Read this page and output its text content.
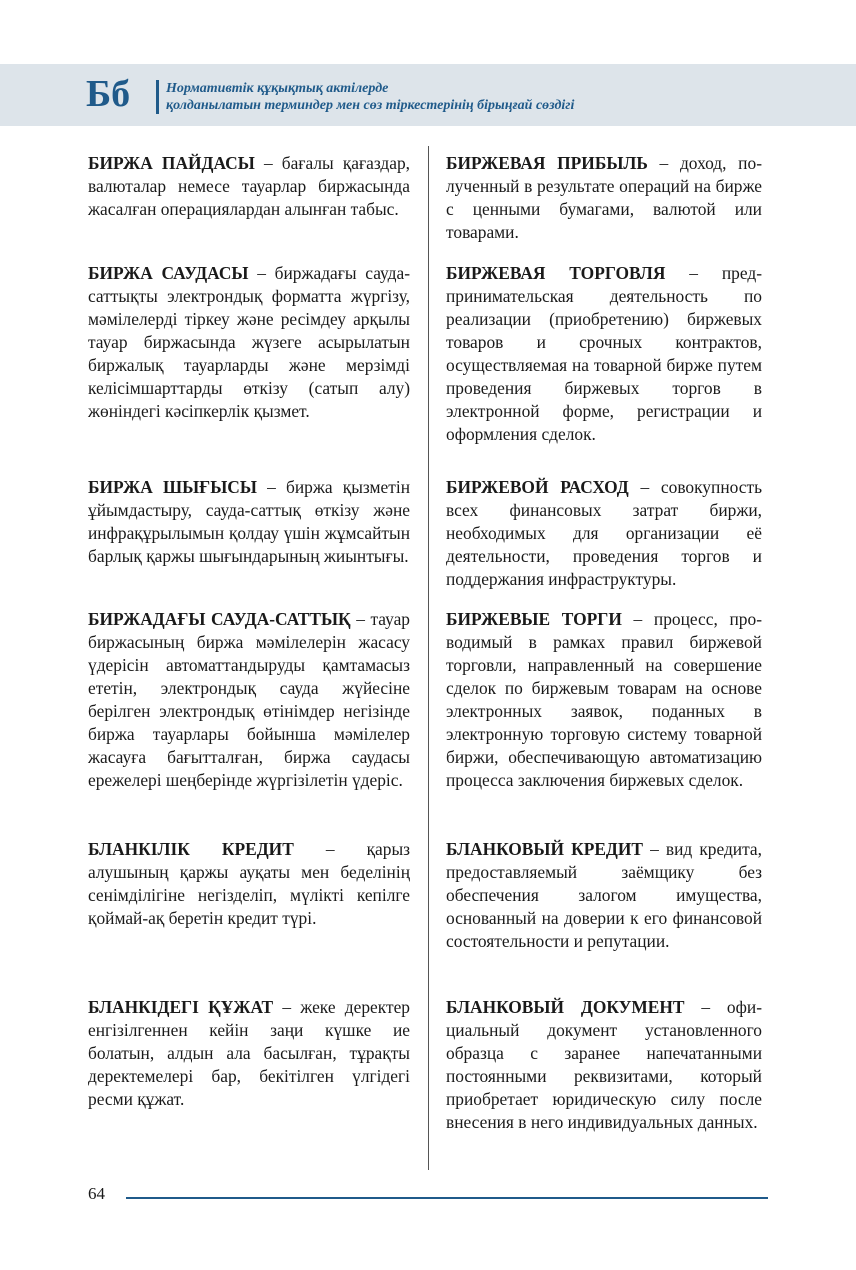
Бб	Нормативтік құқықтық актілерде
қолданылатын терминдер мен сөз тіркестерінің бірыңғай сөздігі
БИРЖА ПАЙДАСЫ – бағалы қағаздар, валюталар немесе тауарлар биржасында жасалған операциялардан алынған табыс.
БИРЖА САУДАСЫ – биржадағы сауда-саттықты электрондық форматта жүргізу, мәмілелерді тіркеу және ресімдеу арқылы тауар биржасында жүзеге асырылатын биржалық тауарларды және мерзімді келісімшарттарды өткізу (сатып алу) жөніндегі кәсіпкерлік қызмет.
БИРЖА ШЫҒЫСЫ – биржа қызметін ұйымдастыру, сауда-саттық өткізу және инфрақұрылымын қолдау үшін жұмсайтын барлық қаржы шығындарының жиынтығы.
БИРЖАДАҒЫ САУДА-САТТЫҚ – тауар биржасының биржа мәмілелерін жасасу үдерісін автоматтандыруды қамтамасыз ететін, электрондық сауда жүйесіне берілген электрондық өтінімдер негізінде биржа тауарлары бойынша мәмілелер жасауға бағытталған, биржа саудасы ережелері шеңберінде жүргізілетін үдеріс.
БЛАНКІЛІК КРЕДИТ – қарыз алушының қаржы ауқаты мен беделінің сенімділігіне негізделіп, мүлікті кепілге қоймай-ақ беретін кредит түрі.
БЛАНКІДЕГІ ҚҰЖАТ – жеке деректер енгізілгеннен кейін заңи күшке ие болатын, алдын ала басылған, тұрақты деректемелері бар, бекітілген үлгідегі ресми құжат.
БИРЖЕВАЯ ПРИБЫЛЬ – доход, полученный в результате операций на бирже с ценными бумагами, валютой или товарами.
БИРЖЕВАЯ ТОРГОВЛЯ – предпринимательская деятельность по реализации (приобретению) биржевых товаров и срочных контрактов, осуществляемая на товарной бирже путем проведения биржевых торгов в электронной форме, регистрации и оформления сделок.
БИРЖЕВОЙ РАСХОД – совокупность всех финансовых затрат биржи, необходимых для организации её деятельности, проведения торгов и поддержания инфраструктуры.
БИРЖЕВЫЕ ТОРГИ – процесс, проводимый в рамках правил биржевой торговли, направленный на совершение сделок по биржевым товарам на основе электронных заявок, поданных в электронную торговую систему товарной биржи, обеспечивающую автоматизацию процесса заключения биржевых сделок.
БЛАНКОВЫЙ КРЕДИТ – вид кредита, предоставляемый заёмщику без обеспечения залогом имущества, основанный на доверии к его финансовой состоятельности и репутации.
БЛАНКОВЫЙ ДОКУМЕНТ – официальный документ установленного образца с заранее напечатанными постоянными реквизитами, который приобретает юридическую силу после внесения в него индивидуальных данных.
64
